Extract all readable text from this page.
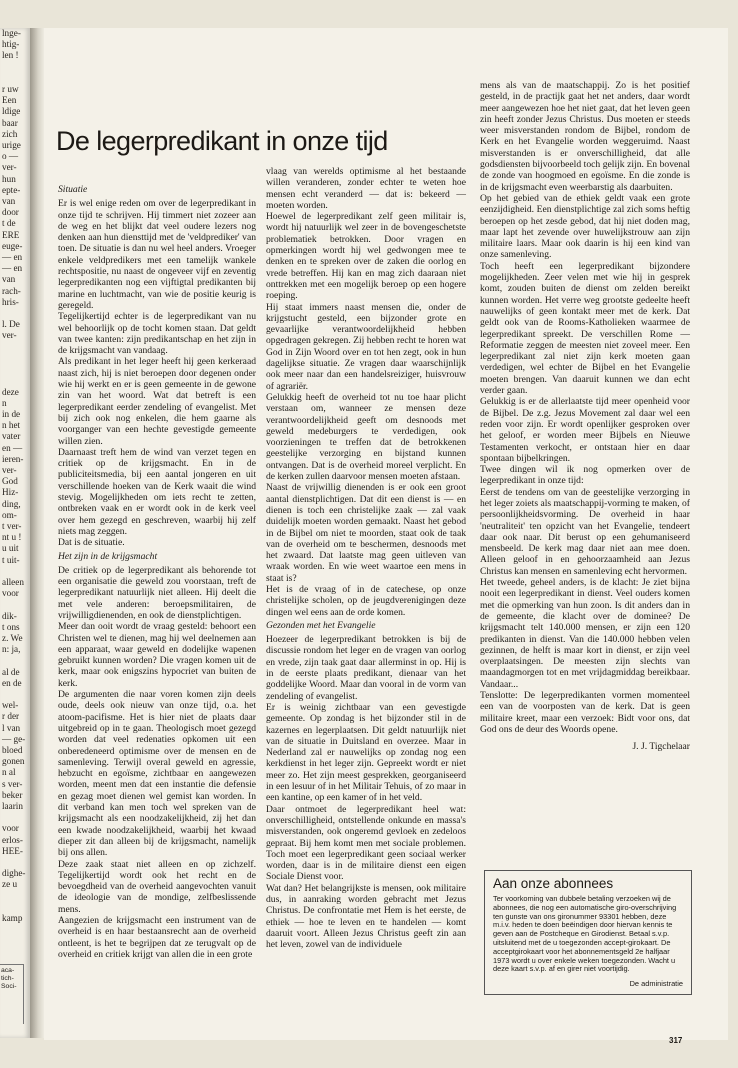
lnge-
htig-
len !

r uw
Een
ldige
baar
zich
urige
o —
ver-
hun
epte-
van
door
t de
ERE
euge-
— en
— en
van
rach-
hris-

l. De
ver-

deze
n
in de
n het
vater
en —
ieren-
ver-
God
Hiz-
ding,
om-
t ver-
nt u !
u uit
t uit-

alleen
voor

dik-
t ons
z. We
n: ja,

al de
en de

wel-
r der
l van
— ge-
bloed
gonen
n al
s ver-
beker
laarin

voor
erlos-
HEE-

dighe-
ze u

kamp
aca-tich-Soci-
De legerpredikant in onze tijd

Situatie

Er is wel enige reden om over de legerpredikant in onze tijd te schrijven. Hij timmert niet zozeer aan de weg en het blijkt dat veel oudere lezers nog denken aan hun diensttijd met de 'veldprediker' van toen. De situatie is dan nu wel heel anders. Vroeger enkele veldpredikers met een tamelijk wankele rechtspositie, nu naast de ongeveer vijf en zeventig legerpredikanten nog een vijftigtal predikanten bij marine en luchtmacht, van wie de positie keurig is geregeld.

Tegelijkertijd echter is de legerpredikant van nu wel behoorlijk op de tocht komen staan. Dat geldt van twee kanten: zijn predikantschap en het zijn in de krijgsmacht van vandaag.

Als predikant in het leger heeft hij geen kerkeraad naast zich, hij is niet beroepen door degenen onder wie hij werkt en er is geen gemeente in de gewone zin van het woord. Wat dat betreft is een legerpredikant eerder zendeling of evangelist. Met bij zich ook nog enkelen, die hem gaarne als voorganger van een hechte gevestigde gemeente willen zien.

Daarnaast treft hem de wind van verzet tegen en critiek op de krijgsmacht. En in de publiciteitsmedia, bij een aantal jongeren en uit verschillende hoeken van de Kerk waait die wind stevig. Mogelijkheden om iets recht te zetten, ontbreken vaak en er wordt ook in de kerk veel over hem gezegd en geschreven, waarbij hij zelf niets mag zeggen.

Dat is de situatie.

Het zijn in de krijgsmacht

De critiek op de legerpredikant als behorende tot een organisatie die geweld zou voorstaan, treft de legerpredikant natuurlijk niet alleen. Hij deelt die met vele anderen: beroepsmilitairen, de vrijwilligdienenden, en ook de dienstplichtigen.

Meer dan ooit wordt de vraag gesteld: behoort een Christen wel te dienen, mag hij wel deelnemen aan een apparaat, waar geweld en dodelijke wapenen gebruikt kunnen worden? Die vragen komen uit de kerk, maar ook enigszins hypocriet van buiten de kerk.

De argumenten die naar voren komen zijn deels oude, deels ook nieuw van onze tijd, o.a. het atoom-pacifisme. Het is hier niet de plaats daar uitgebreid op in te gaan. Theologisch moet gezegd worden dat veel redenaties opkomen uit een onberedeneerd optimisme over de mensen en de samenleving. Terwijl overal geweld en agressie, hebzucht en egoïsme, zichtbaar en aangewezen worden, meent men dat een instantie die defensie en gezag moet dienen wel gemist kan worden. In dit verband kan men toch wel spreken van de krijgsmacht als een noodzakelijkheid, zij het dan een kwade noodzakelijkheid, waarbij het kwaad dieper zit dan alleen bij de krijgsmacht, namelijk bij ons allen.

Deze zaak staat niet alleen en op zichzelf. Tegelijkertijd wordt ook het recht en de bevoegdheid van de overheid aangevochten vanuit de ideologie van de mondige, zelfbeslissende mens.

Aangezien de krijgsmacht een instrument van de overheid is en haar bestaansrecht aan de overheid ontleent, is het te begrijpen dat ze terugvalt op de overheid en critiek krijgt van allen die in een grote

vlaag van werelds optimisme al het bestaande willen veranderen, zonder echter te weten hoe mensen echt veranderd — dat is: bekeerd — moeten worden.

Hoewel de legerpredikant zelf geen militair is, wordt hij natuurlijk wel zeer in de bovengeschetste problematiek betrokken. Door vragen en opmerkingen wordt hij wel gedwongen mee te denken en te spreken over de zaken die oorlog en vrede betreffen. Hij kan en mag zich daaraan niet onttrekken met een mogelijk beroep op een hogere roeping.

Hij staat immers naast mensen die, onder de krijgstucht gesteld, een bijzonder grote en gevaarlijke verantwoordelijkheid hebben opgedragen gekregen. Zij hebben recht te horen wat God in Zijn Woord over en tot hen zegt, ook in hun dagelijkse situatie. Ze vragen daar waarschijnlijk ook meer naar dan een handelsreiziger, huisvrouw of agrariër.

Gelukkig heeft de overheid tot nu toe haar plicht verstaan om, wanneer ze mensen deze verantwoordelijkheid geeft om desnoods met geweld medeburgers te verdedigen, ook voorzieningen te treffen dat de betrokkenen geestelijke verzorging en bijstand kunnen ontvangen. Dat is de overheid moreel verplicht. En de kerken zullen daarvoor mensen moeten afstaan.

Naast de vrijwillig dienenden is er ook een groot aantal dienstplichtigen. Dat dit een dienst is — en dienen is toch een christelijke zaak — zal vaak duidelijk moeten worden gemaakt. Naast het gebod in de Bijbel om niet te moorden, staat ook de taak van de overheid om te beschermen, desnoods met het zwaard. Dat laatste mag geen uitleven van wraak worden. En wie weet waartoe een mens in staat is?

Het is de vraag of in de catechese, op onze christelijke scholen, op de jeugdverenigingen deze dingen wel eens aan de orde komen.

Gezonden met het Evangelie

Hoezeer de legerpredikant betrokken is bij de discussie rondom het leger en de vragen van oorlog en vrede, zijn taak gaat daar allerminst in op. Hij is in de eerste plaats predikant, dienaar van het goddelijke Woord. Maar dan vooral in de vorm van zendeling of evangelist.

Er is weinig zichtbaar van een gevestigde gemeente. Op zondag is het bijzonder stil in de kazernes en legerplaatsen. Dit geldt natuurlijk niet van de situatie in Duitsland en overzee. Maar in Nederland zal er nauwelijks op zondag nog een kerkdienst in het leger zijn. Gepreekt wordt er niet meer zo. Het zijn meest gesprekken, georganiseerd in een lesuur of in het Militair Tehuis, of zo maar in een kantine, op een kamer of in het veld.

Daar ontmoet de legerpredikant heel wat: onverschilligheid, ontstellende onkunde en massa's misverstanden, ook ongeremd gevloek en zedeloos gepraat. Bij hem komt men met sociale problemen. Toch moet een legerpredikant geen sociaal werker worden, daar is in de militaire dienst een eigen Sociale Dienst voor.

Wat dan? Het belangrijkste is mensen, ook militaire dus, in aanraking worden gebracht met Jezus Christus. De confrontatie met Hem is het eerste, de ethiek — hoe te leven en te handelen — komt daaruit voort. Alleen Jezus Christus geeft zin aan het leven, zowel van de individuele

mens als van de maatschappij. Zo is het positief gesteld, in de practijk gaat het net anders, daar wordt meer aangewezen hoe het niet gaat, dat het leven geen zin heeft zonder Jezus Christus. Dus moeten er steeds weer misverstanden rondom de Bijbel, rondom de Kerk en het Evangelie worden weggeruimd. Naast misverstanden is er onverschilligheid, dat alle godsdiensten bijvoorbeeld toch gelijk zijn. En bovenal de zonde van hoogmoed en egoïsme. En die zonde is in de krijgsmacht even weerbarstig als daarbuiten.

Op het gebied van de ethiek geldt vaak een grote eenzijdigheid. Een dienstplichtige zal zich soms heftig beroepen op het zesde gebod, dat hij niet doden mag, maar lapt het zevende over huwelijkstrouw aan zijn militaire laars. Maar ook daarin is hij een kind van onze samenleving.

Toch heeft een legerpredikant bijzondere mogelijkheden. Zeer velen met wie hij in gesprek komt, zouden buiten de dienst om zelden bereikt kunnen worden. Het verre weg grootste gedeelte heeft nauwelijks of geen kontakt meer met de kerk. Dat geldt ook van de Rooms-Katholieken waarmee de legerpredikant spreekt. De verschillen Rome — Reformatie zeggen de meesten niet zoveel meer. Een legerpredikant zal niet zijn kerk moeten gaan verdedigen, wel echter de Bijbel en het Evangelie moeten brengen. Van daaruit kunnen we dan echt verder gaan.

Gelukkig is er de allerlaatste tijd meer openheid voor de Bijbel. De z.g. Jezus Movement zal daar wel een reden voor zijn. Er wordt openlijker gesproken over het geloof, er worden meer Bijbels en Nieuwe Testamenten verkocht, er ontstaan hier en daar spontaan bijbelkringen.

Twee dingen wil ik nog opmerken over de legerpredikant in onze tijd:

Eerst de tendens om van de geestelijke verzorging in het leger zoiets als maatschappij-vorming te maken, of persoonlijkheidsvorming. De overheid in haar 'neutraliteit' ten opzicht van het Evangelie, tendeert daar ook naar. Dit berust op een gehumaniseerd mensbeeld. De kerk mag daar niet aan mee doen. Alleen geloof in en gehoorzaamheid aan Jezus Christus kan mensen en samenleving echt hervormen.

Het tweede, geheel anders, is de klacht: Je ziet bijna nooit een legerpredikant in dienst. Veel ouders komen met die opmerking van hun zoon. Is dit anders dan in de gemeente, die klacht over de dominee? De krijgsmacht telt 140.000 mensen, er zijn een 120 predikanten in dienst. Van die 140.000 hebben velen gezinnen, de helft is maar kort in dienst, er zijn veel overplaatsingen. De meesten zijn slechts van maandagmorgen tot en met vrijdagmiddag bereikbaar. Vandaar...

Tenslotte: De legerpredikanten vormen momenteel een van de voorposten van de kerk. Dat is geen militaire kreet, maar een verzoek: Bidt voor ons, dat God ons de deur des Woords opene.

J. J. Tigchelaar

Aan onze abonnees

Ter voorkoming van dubbele betaling verzoeken wij de abonnees, die nog een automatische giro-overschrijving ten gunste van ons gironummer 93301 hebben, deze m.i.v. heden te doen beëindigen door hiervan kennis te geven aan de Postcheque en Girodienst. Betaal s.v.p. uitsluitend met de u toegezonden accept-girokaart. De acceptgirokaart voor het abonnementsgeld 2e halfjaar 1973 wordt u over enkele weken toegezonden. Wacht u deze kaart s.v.p. af en girer niet voortijdig.

De administratie
317
